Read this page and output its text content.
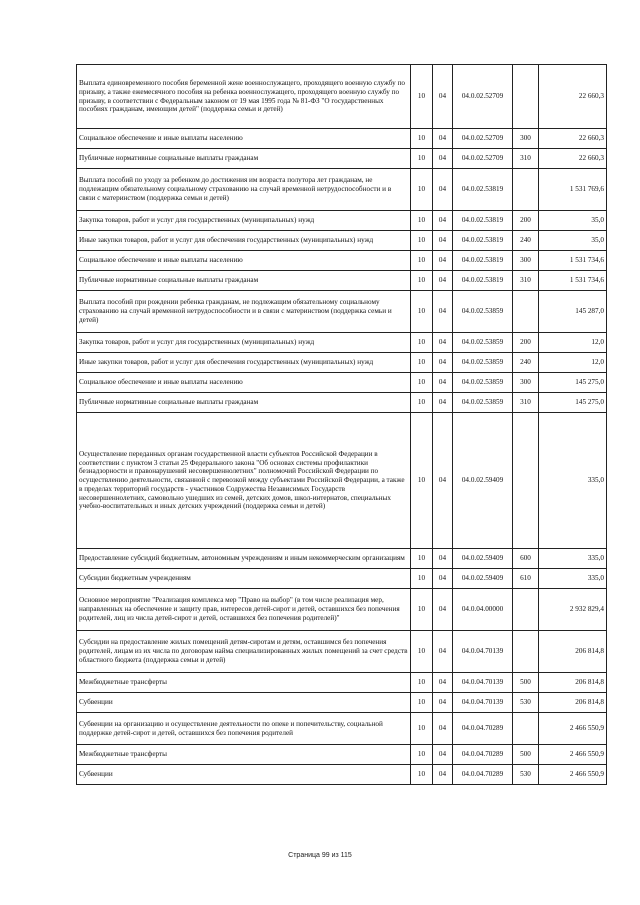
Выплата единовременного пособия беременной жене военнослужащего, проходящего военную службу по призыву, а также ежемесячного пособия на ребенка военнослужащего, проходящего военную службу по призыву, в соответствии с Федеральным законом от 19 мая 1995 года № 81-ФЗ "О государственных пособиях гражданам, имеющим детей" (поддержка семьи и детей)	10	04	04.0.02.52709		22 660,3
Социальное обеспечение и иные выплаты населению	10	04	04.0.02.52709	300	22 660,3
Публичные нормативные социальные выплаты гражданам	10	04	04.0.02.52709	310	22 660,3
Выплата пособий по уходу за ребенком до достижения им возраста полутора лет гражданам, не подлежащим обязательному социальному страхованию на случай временной нетрудоспособности и в связи с материнством (поддержка семьи и детей)	10	04	04.0.02.53819		1 531 769,6
Закупка товаров, работ и услуг для государственных (муниципальных) нужд	10	04	04.0.02.53819	200	35,0
Иные закупки товаров, работ и услуг для обеспечения государственных (муниципальных) нужд	10	04	04.0.02.53819	240	35,0
Социальное обеспечение и иные выплаты населению	10	04	04.0.02.53819	300	1 531 734,6
Публичные нормативные социальные выплаты гражданам	10	04	04.0.02.53819	310	1 531 734,6
Выплата пособий при рождении ребенка гражданам, не подлежащим обязательному социальному страхованию на случай временной нетрудоспособности и в связи с материнством (поддержка семьи и детей)	10	04	04.0.02.53859		145 287,0
Закупка товаров, работ и услуг для государственных (муниципальных) нужд	10	04	04.0.02.53859	200	12,0
Иные закупки товаров, работ и услуг для обеспечения государственных (муниципальных) нужд	10	04	04.0.02.53859	240	12,0
Социальное обеспечение и иные выплаты населению	10	04	04.0.02.53859	300	145 275,0
Публичные нормативные социальные выплаты гражданам	10	04	04.0.02.53859	310	145 275,0
Осуществление переданных органам государственной власти субъектов Российской Федерации в соответствии с пунктом 3 статьи 25 Федерального закона "Об основах системы профилактики безнадзорности и правонарушений несовершеннолетних" полномочий Российской Федерации по осуществлению деятельности, связанной с перевозкой между субъектами Российской Федерации, а также в пределах территорий государств - участников Содружества Независимых Государств несовершеннолетних, самовольно ушедших из семей, детских домов, школ-интернатов, специальных учебно-воспитательных и иных детских учреждений (поддержка семьи и детей)	10	04	04.0.02.59409		335,0
Предоставление субсидий бюджетным, автономным учреждениям и иным некоммерческим организациям	10	04	04.0.02.59409	600	335,0
Субсидии бюджетным учреждениям	10	04	04.0.02.59409	610	335,0
Основное мероприятие "Реализация комплекса мер "Право на выбор" (в том числе реализация мер, направленных на обеспечение и защиту прав, интересов детей-сирот и детей, оставшихся без попечения родителей, лиц из числа детей-сирот и детей, оставшихся без попечения родителей)"	10	04	04.0.04.00000		2 932 829,4
Субсидии на предоставление жилых помещений детям-сиротам и детям, оставшимся без попечения родителей, лицам из их числа по договорам найма специализированных жилых помещений за счет средств областного бюджета (поддержка семьи и детей)	10	04	04.0.04.70139		206 814,8
Межбюджетные трансферты	10	04	04.0.04.70139	500	206 814,8
Субвенции	10	04	04.0.04.70139	530	206 814,8
Субвенции на организацию и осуществление деятельности по опеке и попечительству, социальной поддержке детей-сирот и детей, оставшихся без попечения родителей	10	04	04.0.04.70289		2 466 550,9
Межбюджетные трансферты	10	04	04.0.04.70289	500	2 466 550,9
Субвенции	10	04	04.0.04.70289	530	2 466 550,9
Страница 99 из 115
